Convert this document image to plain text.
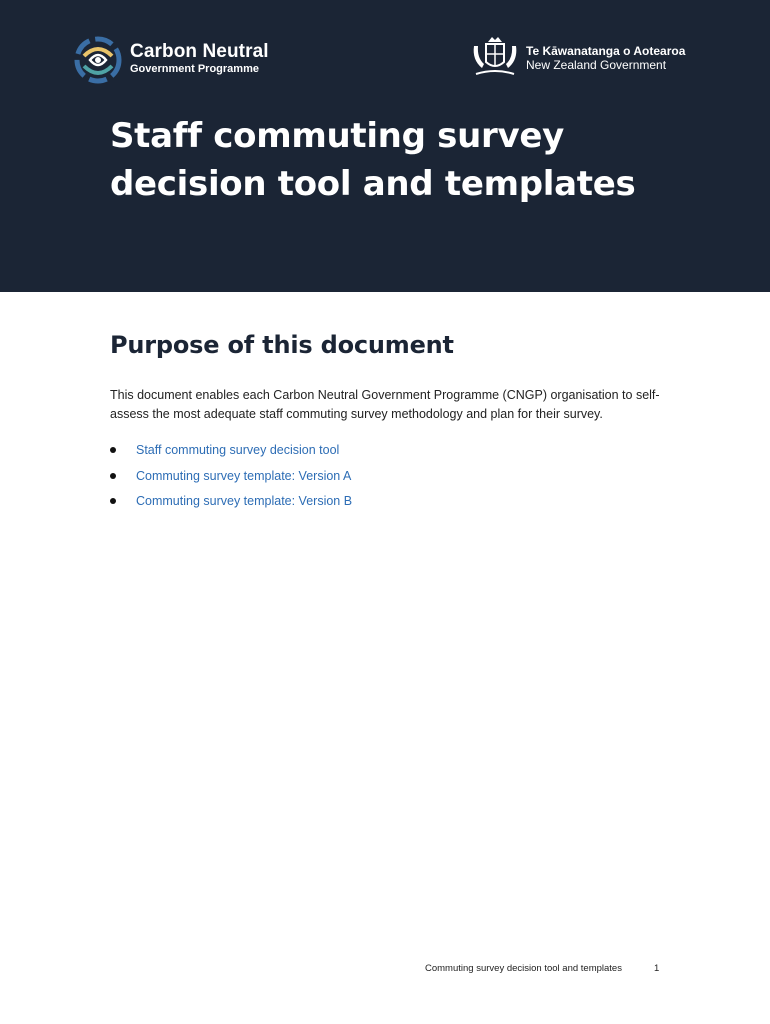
Carbon Neutral
Government Programme
Te Kāwanatanga o Aotearoa
New Zealand Government
Staff commuting survey decision tool and templates
Purpose of this document

This document enables each Carbon Neutral Government Programme (CNGP) organisation to self-assess the most adequate staff commuting survey methodology and plan for their survey.

Staff commuting survey decision tool
Commuting survey template: Version A
Commuting survey template: Version B
Commuting survey decision tool and templates	1
